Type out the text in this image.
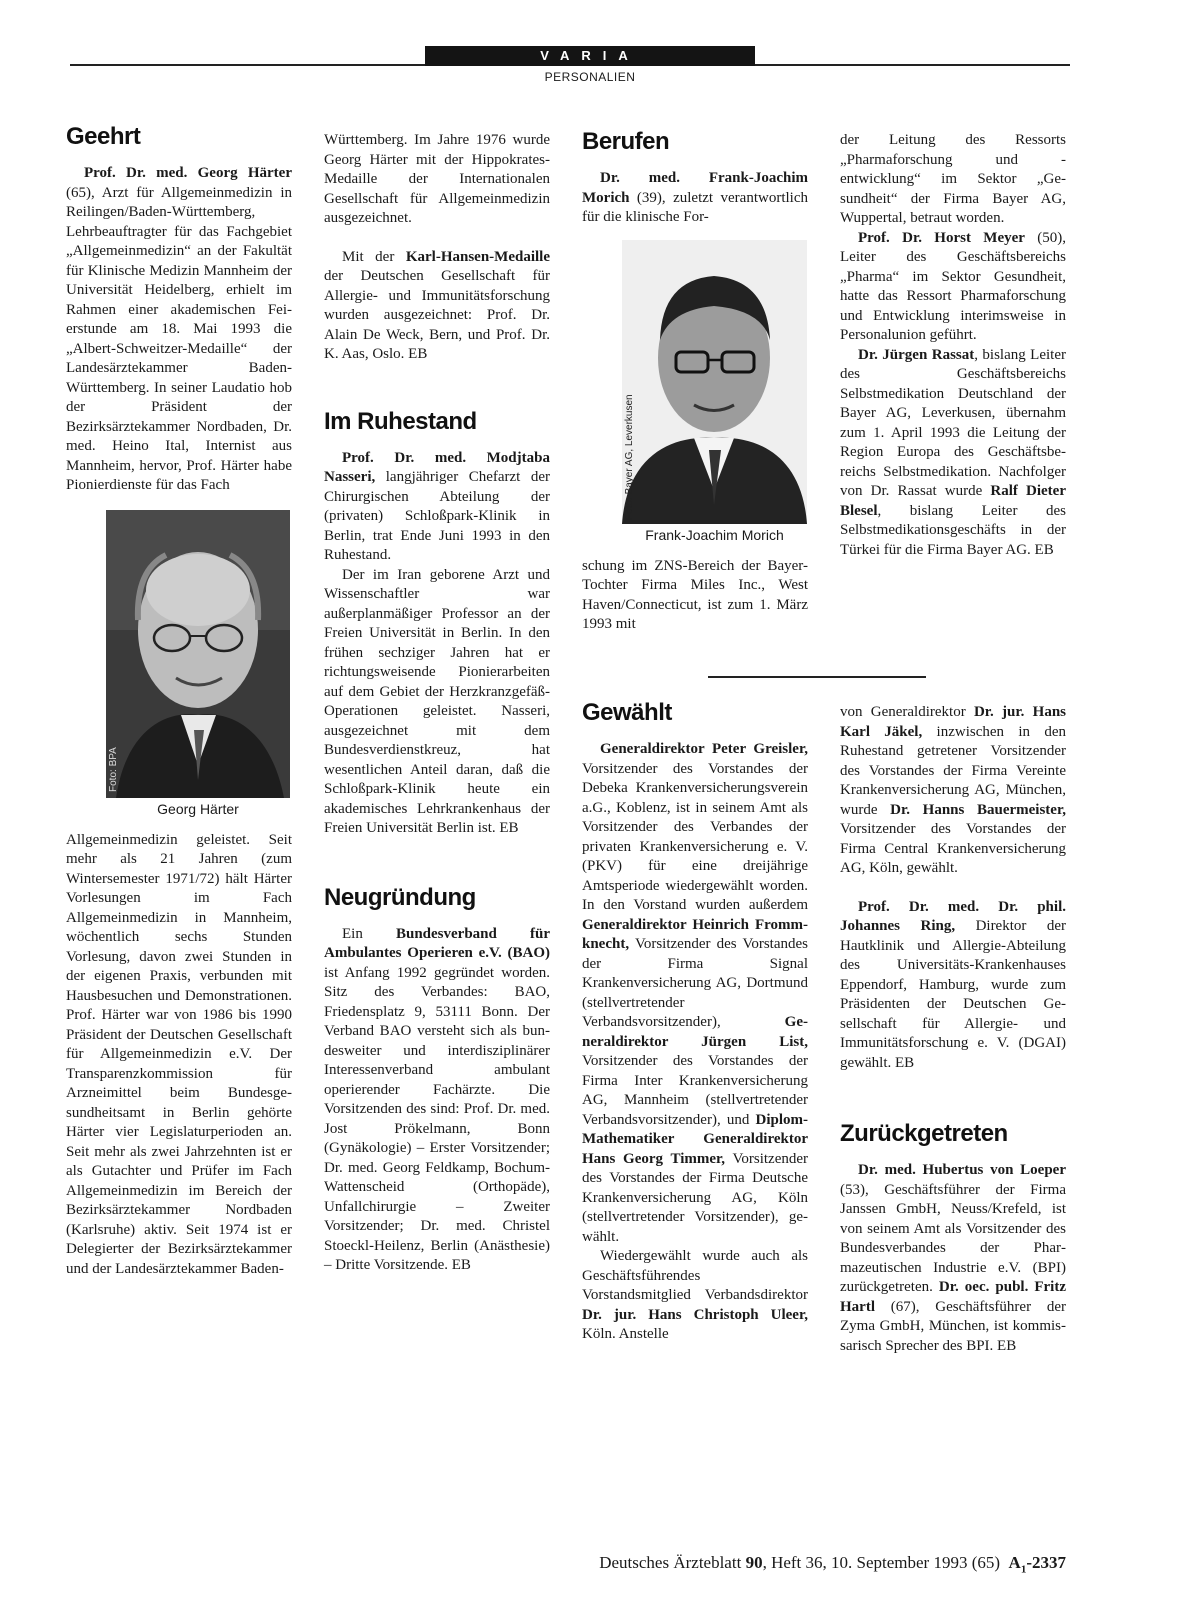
VARIA
PERSONALIEN
Geehrt

Prof. Dr. med. Georg Härter (65), Arzt für Allgemeinmedizin in Reilingen/Baden-Württemberg, Lehrbeauftragter für das Fachgebiet „Allgemeinmedizin“ an der Fakultät für Klinische Medizin Mannheim der Universität Heidelberg, erhielt im Rahmen einer akademischen Feierstunde am 18. Mai 1993 die „Albert-Schweitzer-Medaille“ der Landesärztekammer Baden-Württemberg. In seiner Laudatio hob der Präsident der Bezirksärztekammer Nordbaden, Dr. med. Heino Ital, Internist aus Mannheim, hervor, Prof. Härter habe Pionierdienste für das Fach

Foto: BPA
Georg Härter

Allgemeinmedizin geleistet. Seit mehr als 21 Jahren (zum Wintersemester 1971/72) hält Härter Vorlesungen im Fach Allgemeinmedizin in Mannheim, wöchentlich sechs Stunden Vorlesung, davon zwei Stunden in der eigenen Praxis, verbunden mit Hausbesuchen und Demonstrationen. Prof. Härter war von 1986 bis 1990 Präsident der Deutschen Gesellschaft für Allgemeinmedizin e.V. Der Transparenzkommission für Arzneimittel beim Bundesgesundheitsamt in Berlin gehörte Härter vier Legislaturperioden an. Seit mehr als zwei Jahrzehnten ist er als Gutachter und Prüfer im Fach Allgemeinmedizin im Bereich der Bezirksärztekammer Nordbaden (Karlsruhe) aktiv. Seit 1974 ist er Delegierter der Bezirksärztekammer und der Landesärztekammer Baden-

Württemberg. Im Jahre 1976 wurde Georg Härter mit der Hippokrates-Medaille der Internationalen Gesellschaft für Allgemeinmedizin ausgezeichnet.

Mit der Karl-Hansen-Medaille der Deutschen Gesellschaft für Allergie- und Immunitätsforschung wurden ausgezeichnet: Prof. Dr. Alain De Weck, Bern, und Prof. Dr. K. Aas, Oslo. EB

Im Ruhestand

Prof. Dr. med. Modjtaba Nasseri, langjähriger Chefarzt der Chirurgischen Abteilung der (privaten) Schloßpark-Klinik in Berlin, trat Ende Juni 1993 in den Ruhestand.

Der im Iran geborene Arzt und Wissenschaftler war außerplanmäßiger Professor an der Freien Universität in Berlin. In den frühen sechziger Jahren hat er richtungsweisende Pionierarbeiten auf dem Gebiet der Herzkranzgefäß-Operationen geleistet. Nasseri, ausgezeichnet mit dem Bundesverdienstkreuz, hat wesentlichen Anteil daran, daß die Schloßpark-Klinik heute ein akademisches Lehrkrankenhaus der Freien Universität Berlin ist. EB

Neugründung

Ein Bundesverband für Ambulantes Operieren e.V. (BAO) ist Anfang 1992 gegründet worden. Sitz des Verbandes: BAO, Friedensplatz 9, 53111 Bonn. Der Verband BAO versteht sich als bundesweiter und interdisziplinärer Interessenverband ambulant operierender Fachärzte. Die Vorsitzenden des sind: Prof. Dr. med. Jost Prökelmann, Bonn (Gynäkologie) – Erster Vorsitzender; Dr. med. Georg Feldkamp, Bochum-Wattenscheid (Orthopäde), Unfallchirurgie – Zweiter Vorsitzender; Dr. med. Christel Stoeckl-Heilenz, Berlin (Anästhesie) – Dritte Vorsitzende. EB

Berufen

Dr. med. Frank-Joachim Morich (39), zuletzt verantwortlich für die klinische For-

Foto: Bayer AG, Leverkusen
Frank-Joachim Morich

schung im ZNS-Bereich der Bayer-Tochter Firma Miles Inc., West Haven/Connecticut, ist zum 1. März 1993 mit

der Leitung des Ressorts „Pharmaforschung und -entwicklung“ im Sektor „Gesundheit“ der Firma Bayer AG, Wuppertal, betraut worden.

Prof. Dr. Horst Meyer (50), Leiter des Geschäftsbereichs „Pharma“ im Sektor Gesundheit, hatte das Ressort Pharmaforschung und Entwicklung interimsweise in Personalunion geführt.

Dr. Jürgen Rassat, bislang Leiter des Geschäftsbereichs Selbstmedikation Deutschland der Bayer AG, Leverkusen, übernahm zum 1. April 1993 die Leitung der Region Europa des Geschäftsbereichs Selbstmedikation. Nachfolger von Dr. Rassat wurde Ralf Dieter Blesel, bislang Leiter des Selbstmedikationsgeschäfts in der Türkei für die Firma Bayer AG. EB

Gewählt

Generaldirektor Peter Greisler, Vorsitzender des Vorstandes der Debeka Krankenversicherungsverein a.G., Koblenz, ist in seinem Amt als Vorsitzender des Verbandes der privaten Krankenversicherung e. V. (PKV) für eine dreijährige Amtsperiode wiedergewählt worden. In den Vorstand wurden außerdem Generaldirektor Heinrich Frommknecht, Vorsitzender des Vorstandes der Firma Signal Krankenversicherung AG, Dortmund (stellvertretender Verbandsvorsitzender), Generaldirektor Jürgen List, Vorsitzender des Vorstandes der Firma Inter Krankenversicherung AG, Mannheim (stellvertretender Verbandsvorsitzender), und Diplom-Mathematiker Generaldirektor Hans Georg Timmer, Vorsitzender des Vorstandes der Firma Deutsche Krankenversicherung AG, Köln (stellvertretender Vorsitzender), gewählt.

Wiedergewählt wurde auch als Geschäftsführendes Vorstandsmitglied Verbandsdirektor Dr. jur. Hans Christoph Uleer, Köln. Anstelle

von Generaldirektor Dr. jur. Hans Karl Jäkel, inzwischen in den Ruhestand getretener Vorsitzender des Vorstandes der Firma Vereinte Krankenversicherung AG, München, wurde Dr. Hanns Bauermeister, Vorsitzender des Vorstandes der Firma Central Krankenversicherung AG, Köln, gewählt.

Prof. Dr. med. Dr. phil. Johannes Ring, Direktor der Hautklinik und Allergie-Abteilung des Universitäts-Krankenhauses Eppendorf, Hamburg, wurde zum Präsidenten der Deutschen Gesellschaft für Allergie- und Immunitätsforschung e. V. (DGAI) gewählt. EB

Zurückgetreten

Dr. med. Hubertus von Loeper (53), Geschäftsführer der Firma Janssen GmbH, Neuss/Krefeld, ist von seinem Amt als Vorsitzender des Bundesverbandes der Pharmazeutischen Industrie e.V. (BPI) zurückgetreten. Dr. oec. publ. Fritz Hartl (67), Geschäftsführer der Zyma GmbH, München, ist kommissarisch Sprecher des BPI. EB

Deutsches Ärzteblatt 90, Heft 36, 10. September 1993 (65) $A_1-2337$
